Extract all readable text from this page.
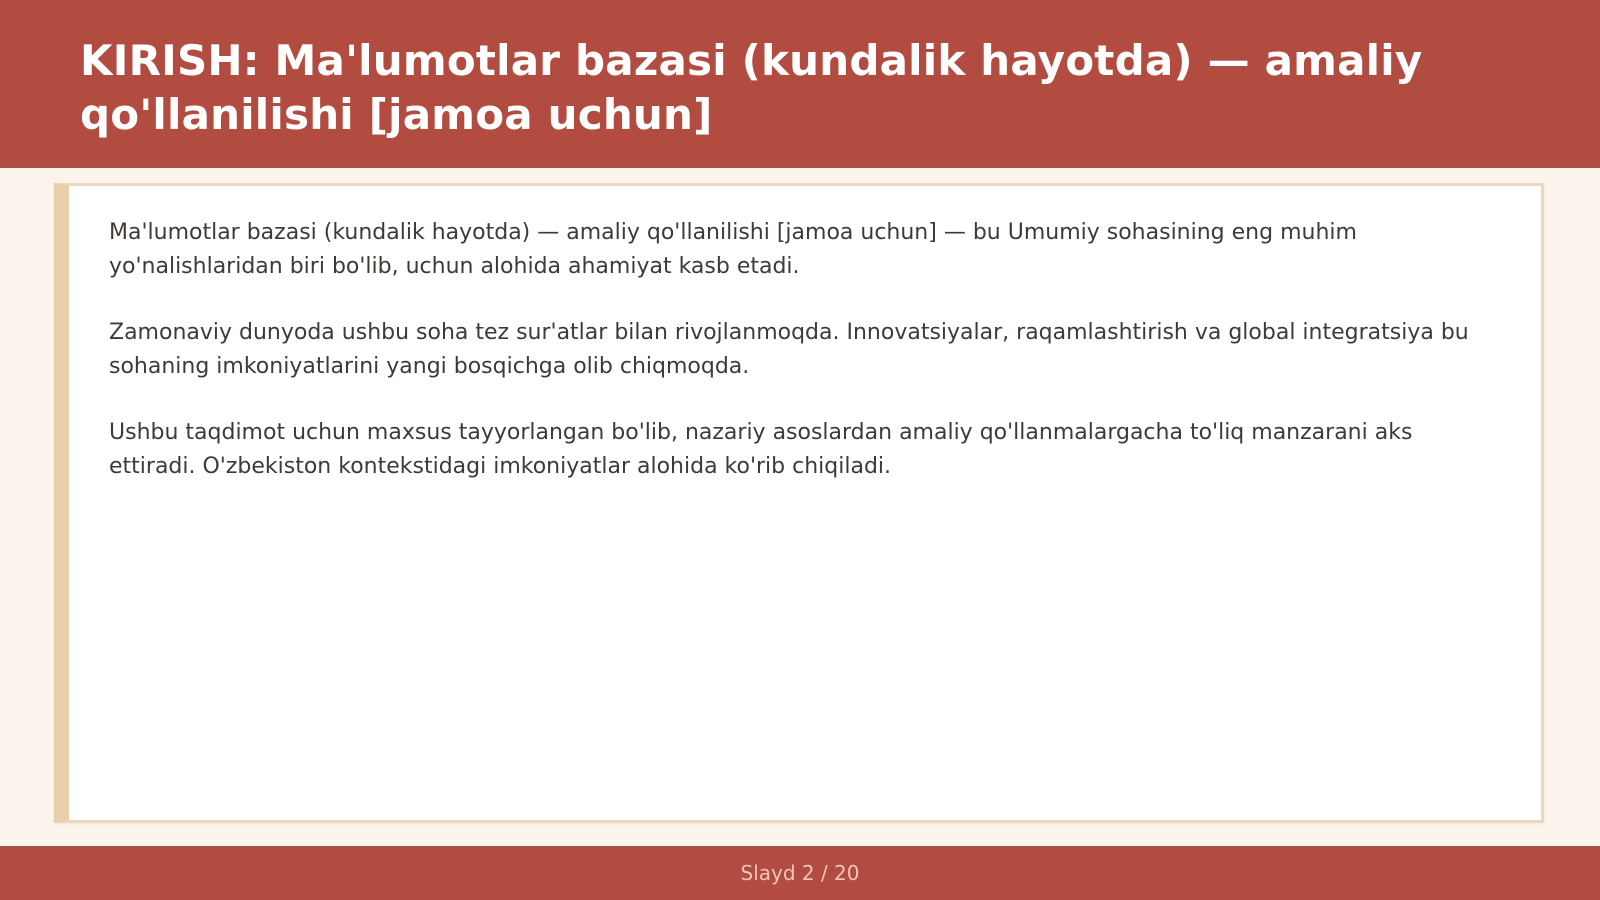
KIRISH: Ma'lumotlar bazasi (kundalik hayotda) — amaliy qo'llanilishi [jamoa uchun]

Ma'lumotlar bazasi (kundalik hayotda) — amaliy qo'llanilishi [jamoa uchun] — bu Umumiy sohasining eng muhim yo'nalishlaridan biri bo'lib, uchun alohida ahamiyat kasb etadi.

Zamonaviy dunyoda ushbu soha tez sur'atlar bilan rivojlanmoqda. Innovatsiyalar, raqamlashtirish va global integratsiya bu sohaning imkoniyatlarini yangi bosqichga olib chiqmoqda.

Ushbu taqdimot uchun maxsus tayyorlangan bo'lib, nazariy asoslardan amaliy qo'llanmalargacha to'liq manzarani aks ettiradi. O'zbekiston kontekstidagi imkoniyatlar alohida ko'rib chiqiladi.

Slayd 2 / 20
